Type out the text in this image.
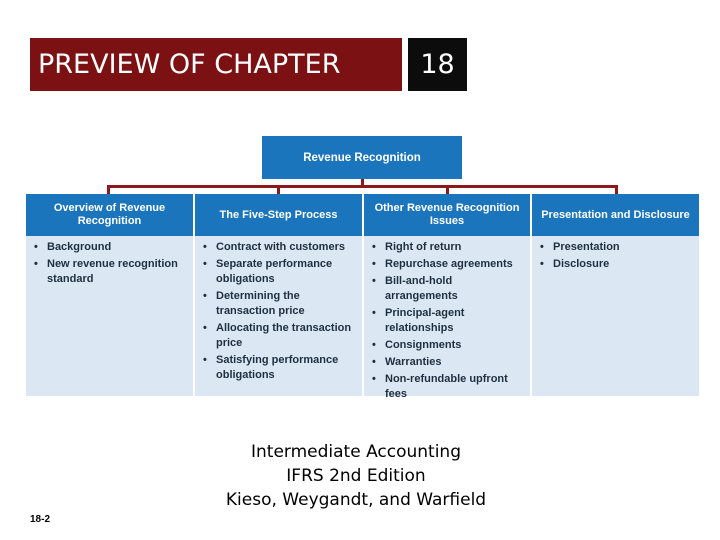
PREVIEW OF CHAPTER	18
Revenue Recognition
Overview of Revenue Recognition
• Background
• New revenue recognition standard
The Five-Step Process
• Contract with customers
• Separate performance obligations
• Determining the transaction price
• Allocating the transaction price
• Satisfying performance obligations
Other Revenue Recognition Issues
• Right of return
• Repurchase agreements
• Bill-and-hold arrangements
• Principal-agent relationships
• Consignments
• Warranties
• Non-refundable upfront fees
Presentation and Disclosure
• Presentation
• Disclosure
Intermediate Accounting
IFRS 2nd Edition
Kieso, Weygandt, and Warfield
18-2
